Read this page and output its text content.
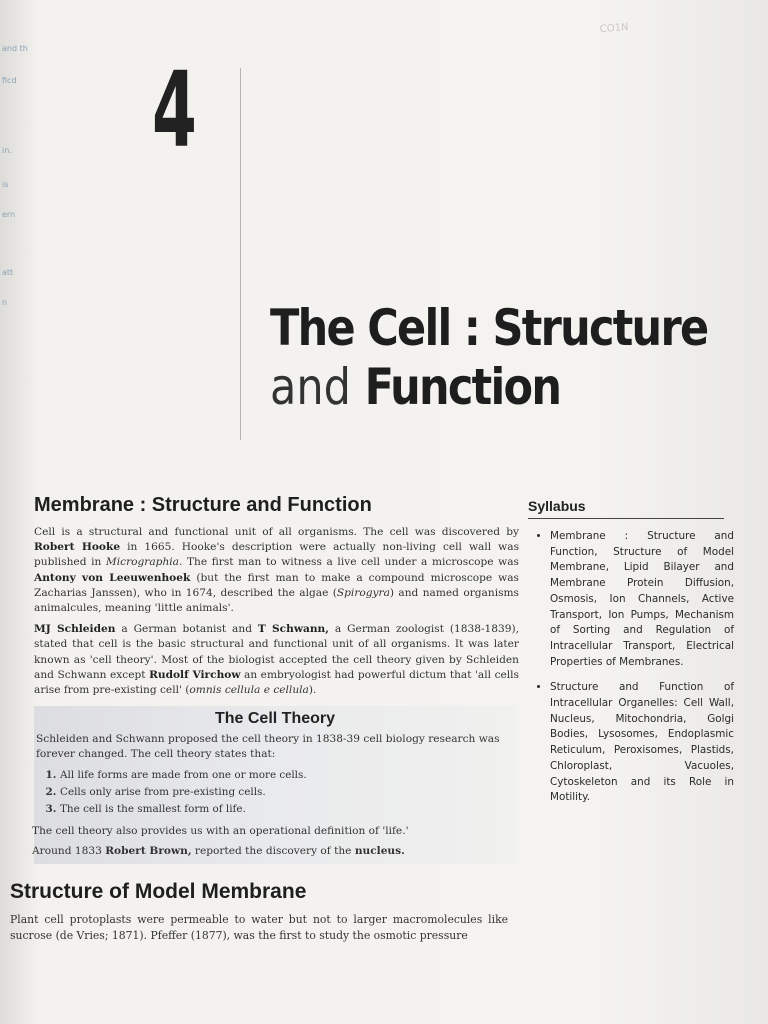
and th
ficd
in.
is
ern
att
n
CO1N
4
The Cell : Structure
and Function
Membrane : Structure and Function

Cell is a structural and functional unit of all organisms. The cell was discovered by Robert Hooke in 1665. Hooke's description were actually non-living cell wall was published in Micrographia. The first man to witness a live cell under a microscope was Antony von Leeuwenhoek (but the first man to make a compound microscope was Zacharias Janssen), who in 1674, described the algae (Spirogyra) and named organisms animalcules, meaning 'little animals'.

MJ Schleiden a German botanist and T Schwann, a German zoologist (1838-1839), stated that cell is the basic structural and functional unit of all organisms. It was later known as 'cell theory'. Most of the biologist accepted the cell theory given by Schleiden and Schwann except Rudolf Virchow an embryologist had powerful dictum that 'all cells arise from pre-existing cell' (omnis cellula e cellula).

The Cell Theory

Schleiden and Schwann proposed the cell theory in 1838-39 cell biology research was forever changed. The cell theory states that:

1. All life forms are made from one or more cells.
2. Cells only arise from pre-existing cells.
3. The cell is the smallest form of life.

The cell theory also provides us with an operational definition of 'life.'

Around 1833 Robert Brown, reported the discovery of the nucleus.

Structure of Model Membrane

Plant cell protoplasts were permeable to water but not to larger macromolecules like sucrose (de Vries; 1871). Pfeffer (1877), was the first to study the osmotic pressure

Syllabus
• Membrane : Structure and Function, Structure of Model Membrane, Lipid Bilayer and Membrane Protein Diffusion, Osmosis, Ion Channels, Active Transport, Ion Pumps, Mechanism of Sorting and Regulation of Intracellular Transport, Electrical Properties of Membranes.
• Structure and Function of Intracellular Organelles: Cell Wall, Nucleus, Mitochondria, Golgi Bodies, Lysosomes, Endoplasmic Reticulum, Peroxisomes, Plastids, Chloroplast, Vacuoles, Cytoskeleton and its Role in Motility.
